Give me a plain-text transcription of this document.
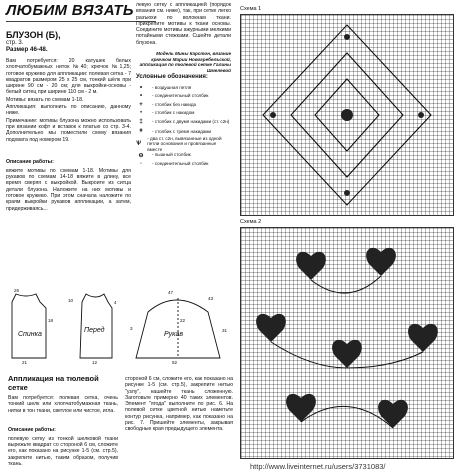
ЛЮБИМ ВЯЗАТЬ
БЛУЗОН (Б),
стр. 3.
Размер 46-48.

Вам потребуется: 20 катушек белых хлопчатобумажных ниток №40; крючок №1,25; готовое кружево для аппликации: полевая сетка - 7 квадратов размером 25 х 25 см, тонкий шёлк при ширине 90 см - 20 см; для выкройки-основы - белый ситец при ширине 110 см - 2 м.

Мотивы: вязать по схемам 1-18.

Аппликация: выполнить по описанию, данному ниже.

Примечание: мотивы блузона можно использовать при вязании кофт и вставок к платью со стр. 3-4. Дополнительно мы поместили схему вязания подхвата под номером 19.

Описание работы:

вяжите мотивы по схемам 1-18. Мотивы для рукавов по схемам 14-18 вяжите в длину, все время сверяя с выкройкой. Выкроите из ситца детали блузона. Наложите на них мотивы и готовое кружево. При этом сначала наложите по краям выкройки рукавов аппликации, а затем, придерживаясь...

левую сетку с аппликацией (порядок вязания см. ниже), так, при сетке легко разъюхи по волокнам ткани. Прикрепите мотивы к ткани основы. Соедините мотивы ажурными мелкими потайными стежками. Сшейте детали блузона.

Модель Мины Карстон, вязание крючком Марии Новогребельской, аппликация по тюлевой сетке Галины Шмелевой

Условные обозначения:
∘	- воздушная петля
•	- соединительный столбик
+	- столбик без накида
ᐩ	- столбик с накидом
‡	- столбик с двумя накидами (ст. с2н)
⧧	- столбик с тремя накидами
Ѱ
- два ст. с2н, вывязанные из одной петли основания и провязанные вместе
⊖	- пышный столбик
◦	- соединительный столбик
Схема 1
Схема 2
Спинка
Перед
Рукав
26
18
21
10	4
12
3
47
22
31
52
43
Аппликация на тюлевой сетке

Вам потребуется: полевая сетка, очень тонкий шелк или хлопчатобумажная ткань, нитки в тон ткани, светлое или чистое, игла.

Описание работы:

полевую сетку из тонкой шелковой ткани вырежьте квадрат со стороной 6 см, сложите его, как показано на рисунке 1-5 (см. стр.5), закрепите нитью, таким образом, получив ткань.

стороной 6 см, сложите его, как показано на рисунке 1-5 (см. стр.5), закрепите нитью "узлу", нашейте ткань сложенную. Заготовьте примерно 40 таких элементов. Элемент "ягода" выполните по рис. 6. На полевой сетке цветной нитью наметьте контур рисунка, например, как показано на рис. 7. Пришейте элементы, закрывая свободные края предыдущего элемента.

http://www.liveinternet.ru/users/3731083/
